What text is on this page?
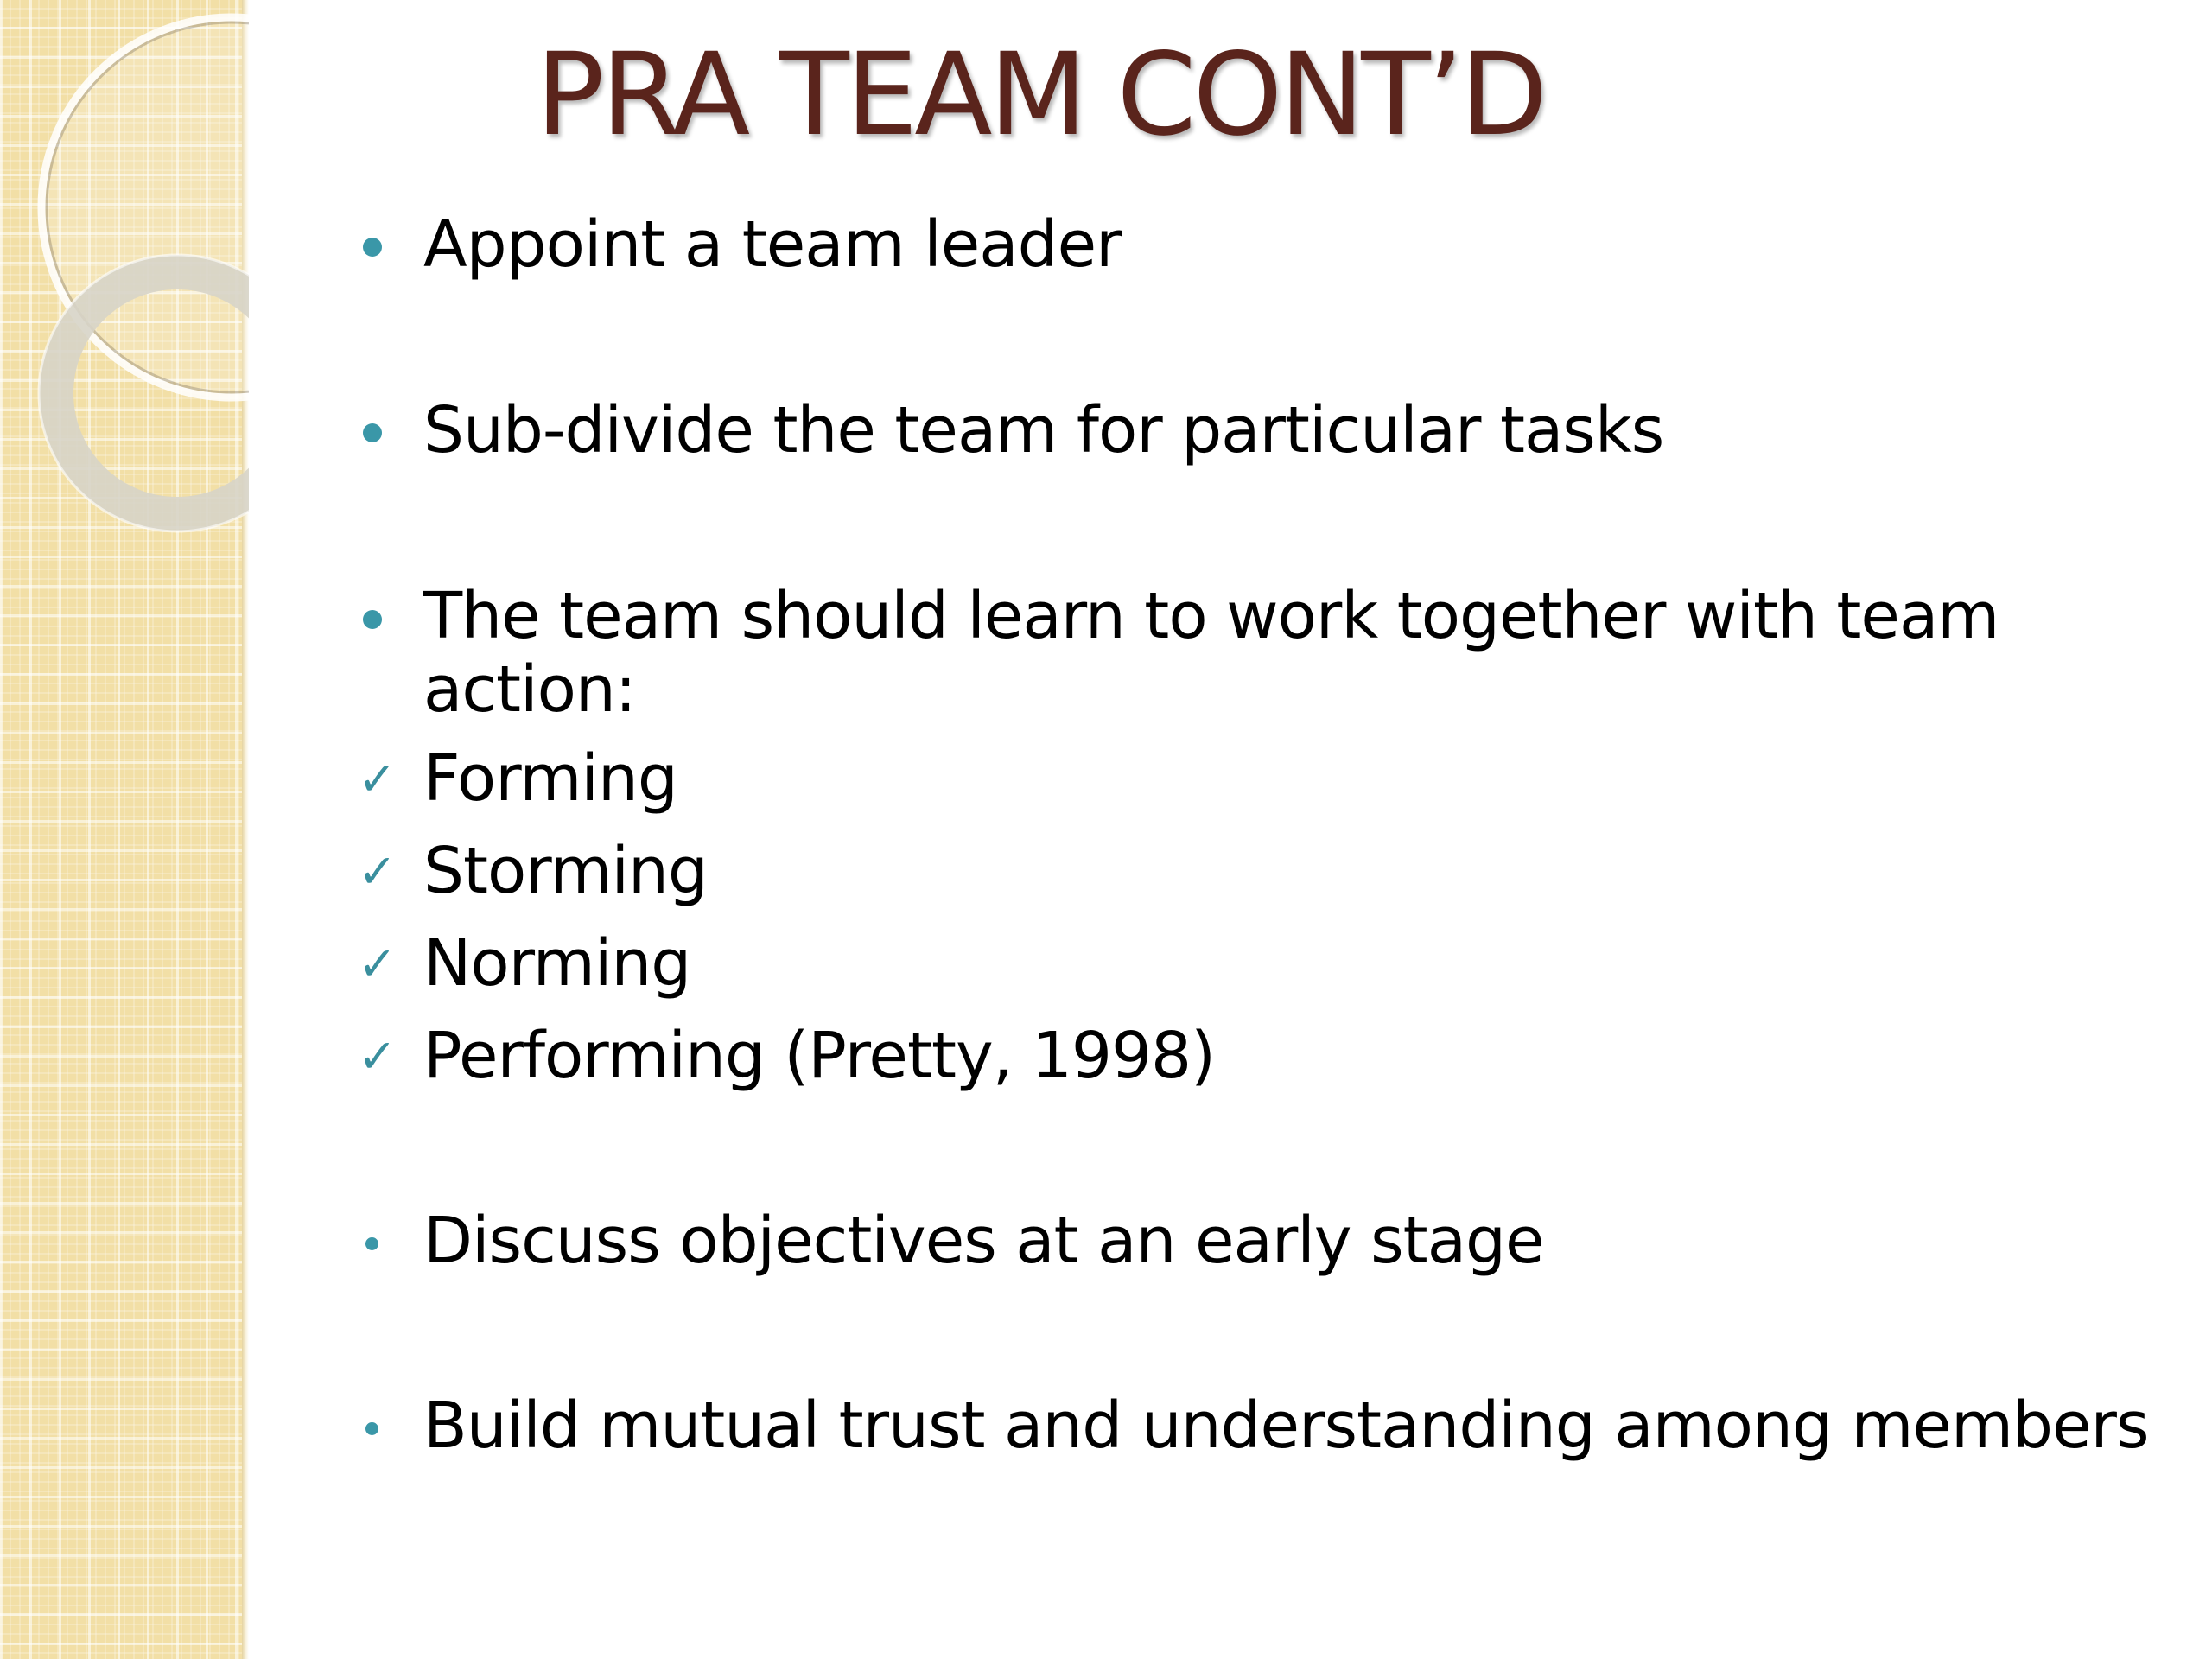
PRA TEAM CONT’D
Appoint a team leader
Sub-divide the team for particular tasks
The team should learn to work together with team
action:
✓ Forming
✓ Storming
✓ Norming
✓ Performing (Pretty, 1998)
Discuss objectives at an early stage
Build mutual trust and understanding among members
